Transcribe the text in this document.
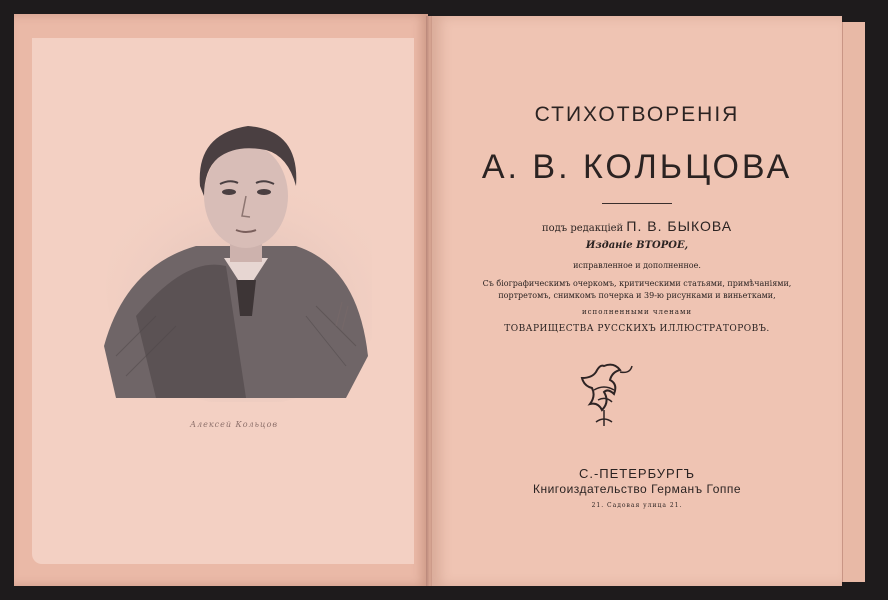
Алексей Кольцов
СТИХОТВОРЕНІЯ
А. В. КОЛЬЦОВА
подъ редакціей П. В. БЫКОВА
Изданіе ВТОРОЕ,
исправленное и дополненное.
Съ біографическимъ очеркомъ, критическими статьями, примѣчаніями,
портретомъ, снимкомъ почерка и 39-ю рисунками и виньетками,
исполненными членами
ТОВАРИЩЕСТВА РУССКИХЪ ИЛЛЮСТРАТОРОВЪ.
С.-ПЕТЕРБУРГЪ
Книгоиздательство Германъ Гоппе
21. Садовая улица 21.
